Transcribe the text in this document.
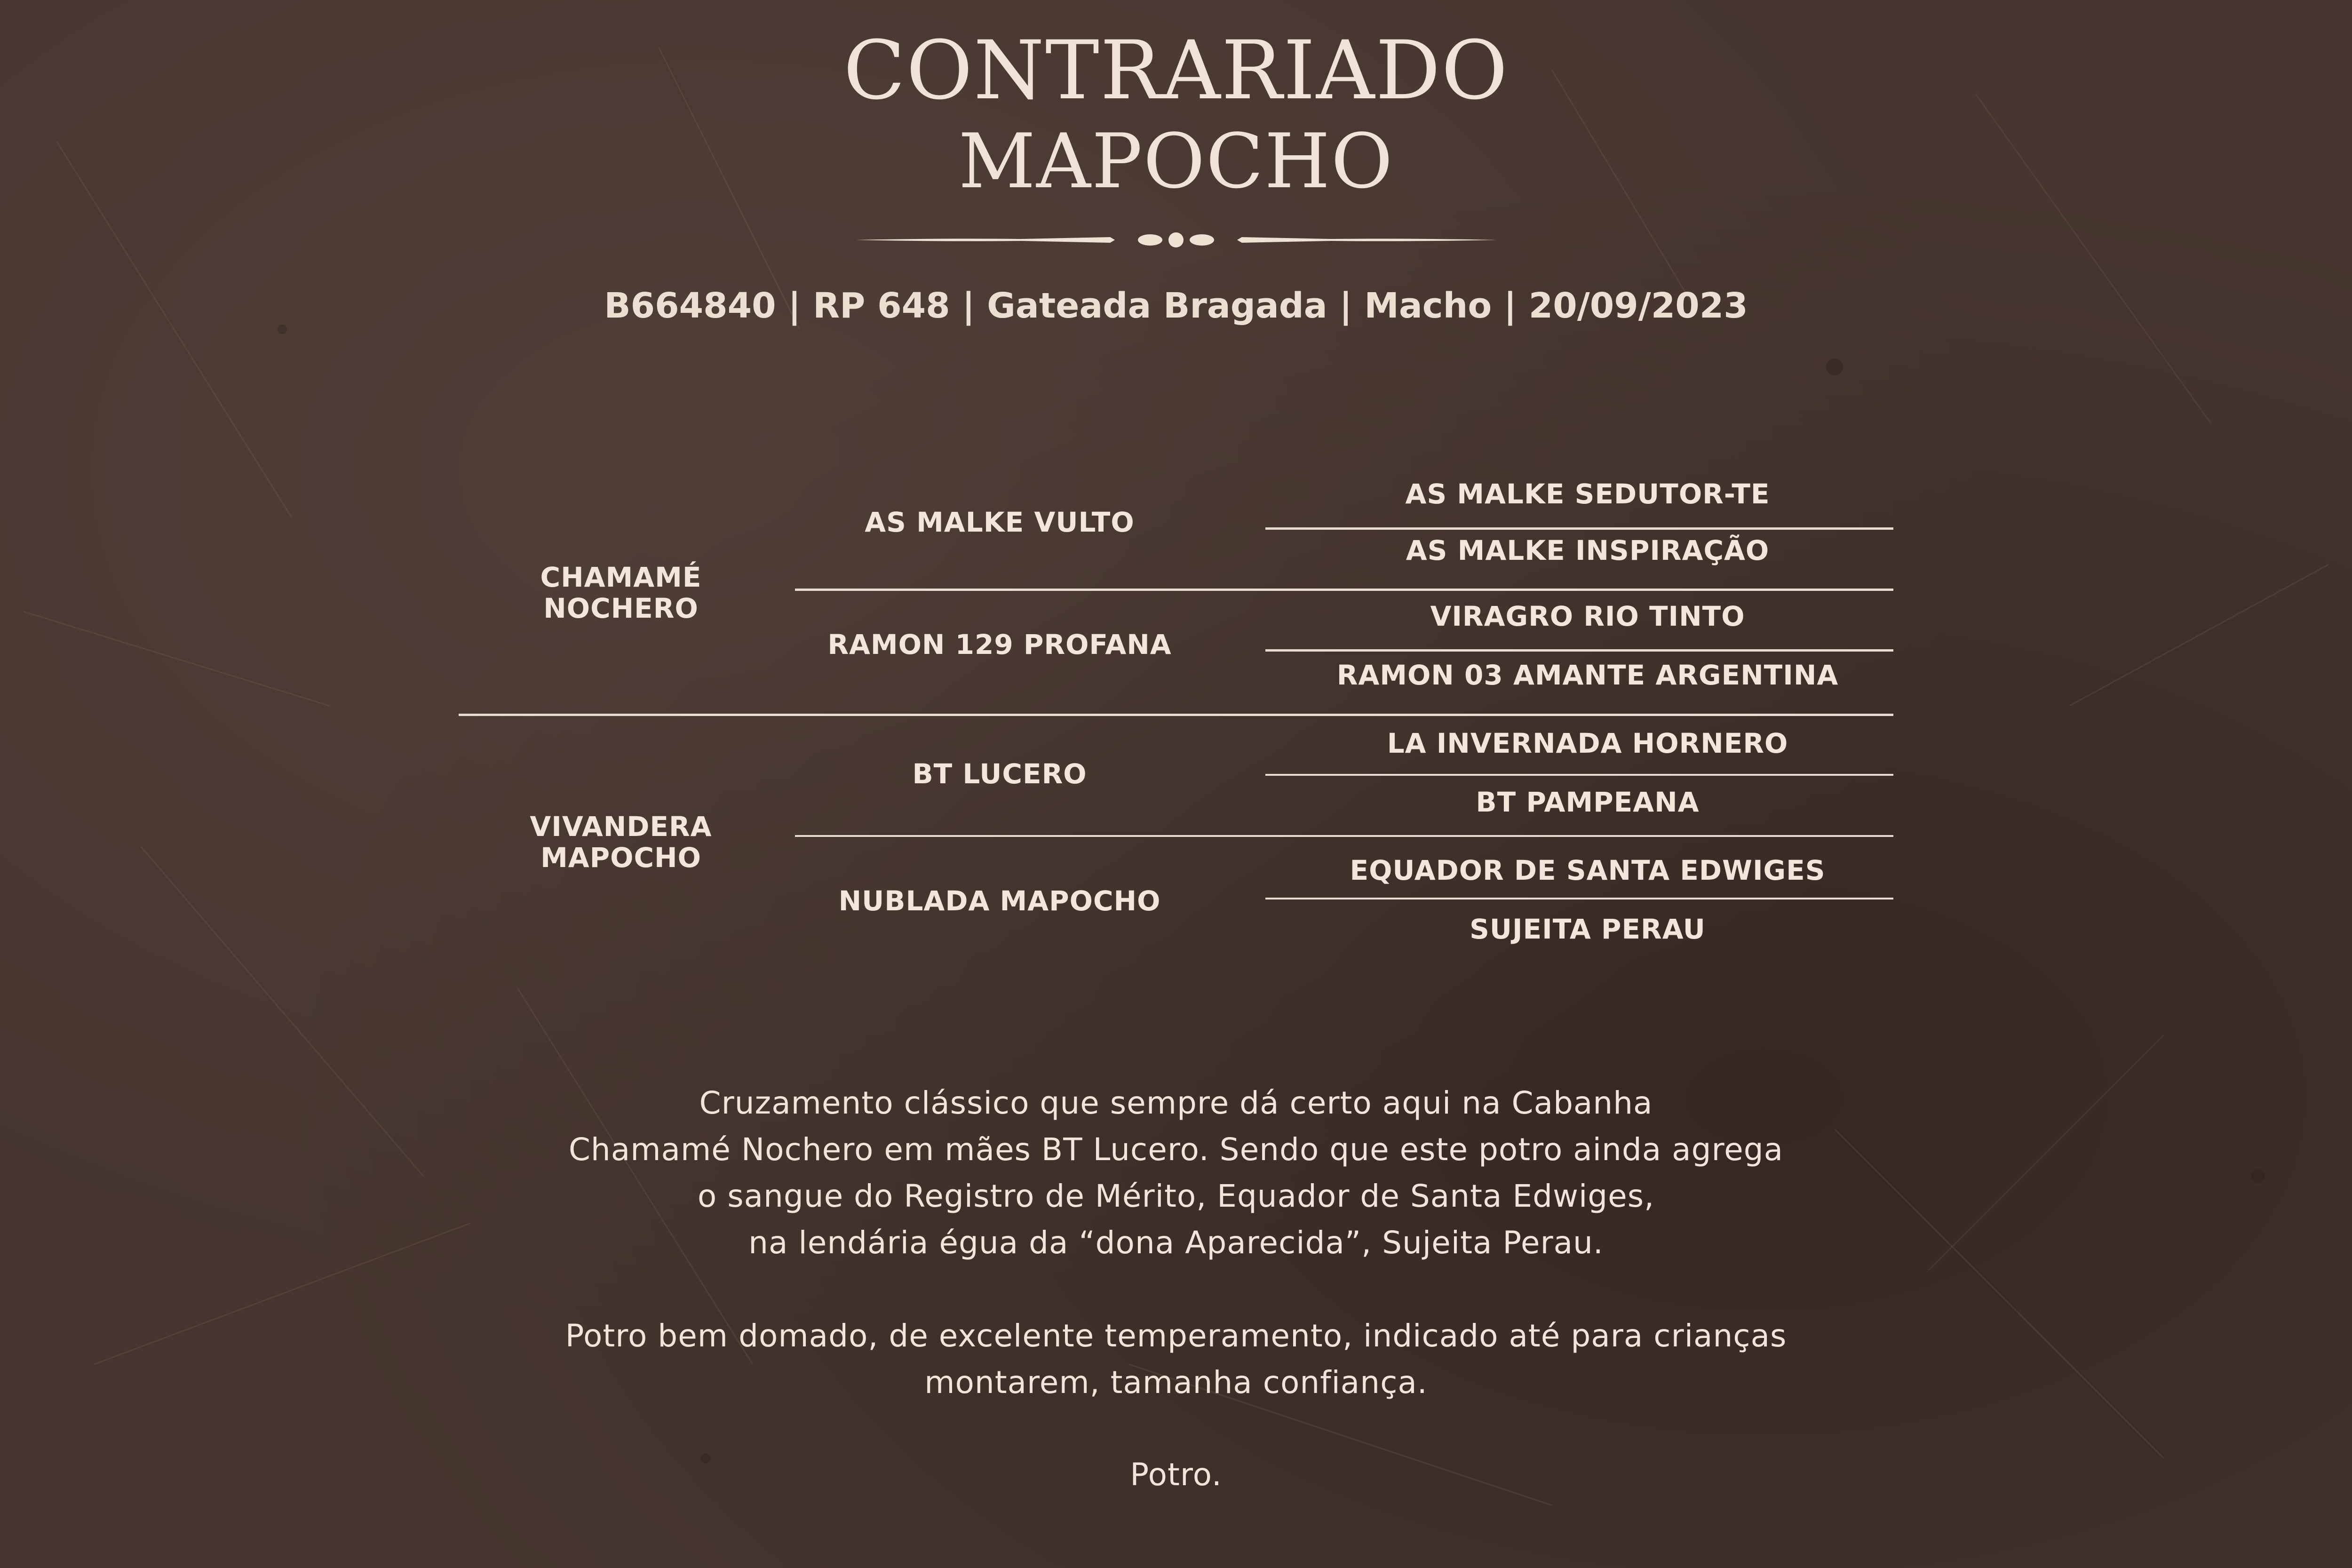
CONTRARIADO
MAPOCHO
B664840 | RP 648 | Gateada Bragada | Macho | 20/09/2023
CHAMAMÉ
NOCHERO
VIVANDERA
MAPOCHO
AS MALKE VULTO
RAMON 129 PROFANA
BT LUCERO
NUBLADA MAPOCHO
AS MALKE SEDUTOR-TE
AS MALKE INSPIRAÇÃO
VIRAGRO RIO TINTO
RAMON 03 AMANTE ARGENTINA
LA INVERNADA HORNERO
BT PAMPEANA
EQUADOR DE SANTA EDWIGES
SUJEITA PERAU

Cruzamento clássico que sempre dá certo aqui na Cabanha

Chamamé Nochero em mães BT Lucero. Sendo que este potro ainda agrega

o sangue do Registro de Mérito, Equador de Santa Edwiges,

na lendária égua da “dona Aparecida”, Sujeita Perau.

Potro bem domado, de excelente temperamento, indicado até para crianças

montarem, tamanha confiança.

Potro.
